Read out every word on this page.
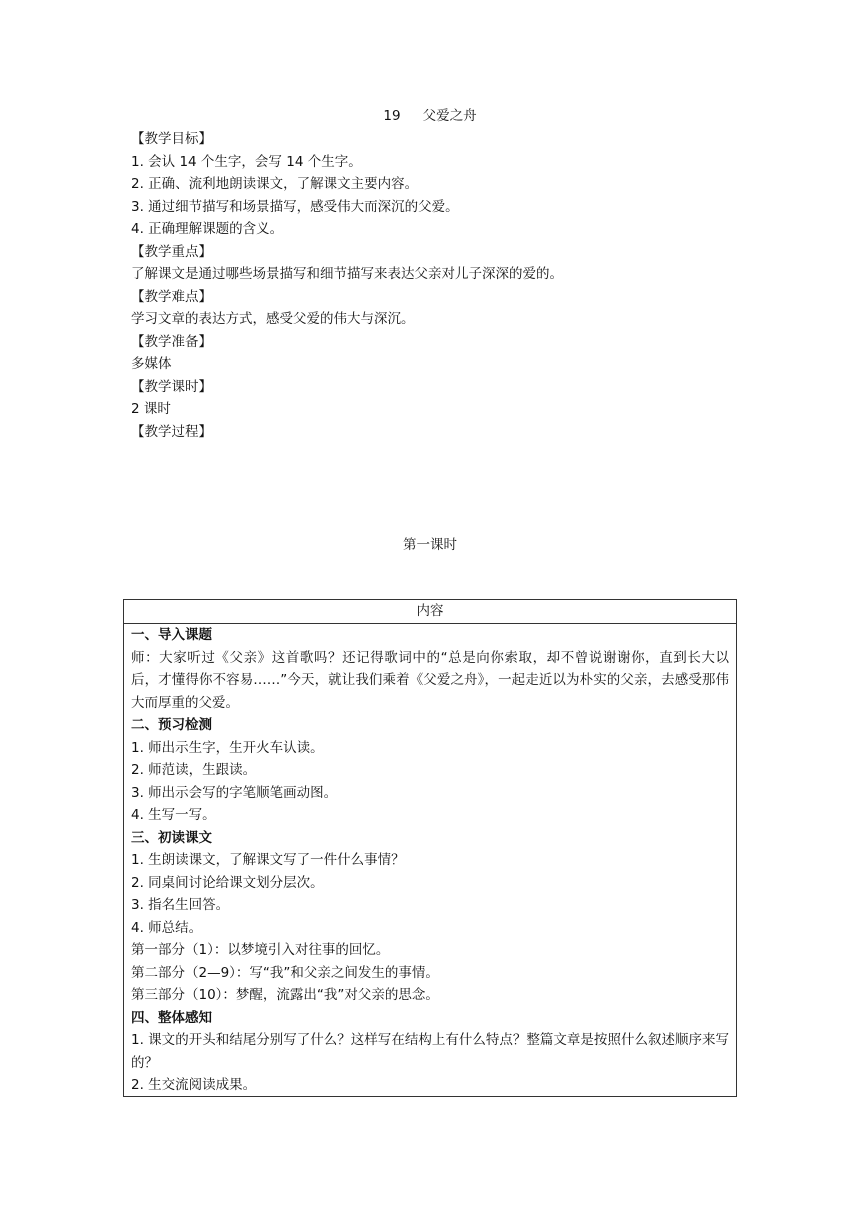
19 父爱之舟
【教学目标】
1. 会认 14 个生字，会写 14 个生字。
2. 正确、流利地朗读课文，了解课文主要内容。
3. 通过细节描写和场景描写，感受伟大而深沉的父爱。
4. 正确理解课题的含义。
【教学重点】
了解课文是通过哪些场景描写和细节描写来表达父亲对儿子深深的爱的。
【教学难点】
学习文章的表达方式，感受父爱的伟大与深沉。
【教学准备】
多媒体
【教学课时】
2 课时
【教学过程】
第一课时
内容
一、导入课题
师：大家听过《父亲》这首歌吗？还记得歌词中的“总是向你索取，却不曾说谢谢你，直到长大以后，才懂得你不容易……”今天，就让我们乘着《父爱之舟》，一起走近以为朴实的父亲，去感受那伟大而厚重的父爱。
二、预习检测
1. 师出示生字，生开火车认读。
2. 师范读，生跟读。
3. 师出示会写的字笔顺笔画动图。
4. 生写一写。
三、初读课文
1. 生朗读课文，了解课文写了一件什么事情？
2. 同桌间讨论给课文划分层次。
3. 指名生回答。
4. 师总结。
第一部分（1）：以梦境引入对往事的回忆。
第二部分（2—9）：写“我”和父亲之间发生的事情。
第三部分（10）：梦醒，流露出“我”对父亲的思念。
四、整体感知
1. 课文的开头和结尾分别写了什么？这样写在结构上有什么特点？整篇文章是按照什么叙述顺序来写的？
2. 生交流阅读成果。
